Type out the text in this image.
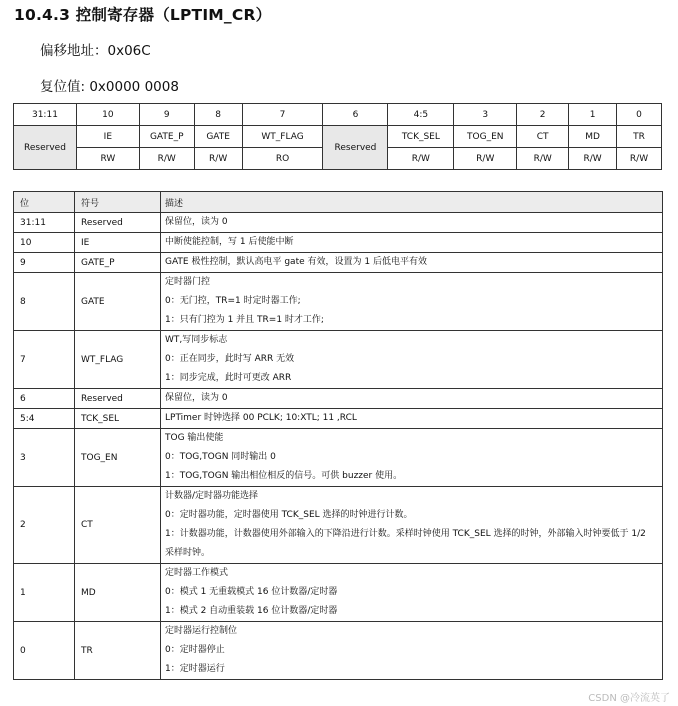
10.4.3 控制寄存器（LPTIM_CR）
偏移地址：0x06C
复位值: 0x0000 0008
31:11	10	9	8	7	6	4:5	3	2	1	0
Reserved	IE	GATE_P	GATE	WT_FLAG	Reserved	TCK_SEL	TOG_EN	CT	MD	TR
	RW	R/W	R/W	RO		R/W	R/W	R/W	R/W	R/W
位	符号	描述
31:11	Reserved	保留位，读为 0

10	IE	中断使能控制，写 1 后使能中断

9	GATE_P	GATE 极性控制，默认高电平 gate 有效，设置为 1 后低电平有效

8	GATE	定时器门控
0：无门控，TR=1 时定时器工作;
1：只有门控为 1 并且 TR=1 时才工作;

7	WT_FLAG	WT,写同步标志
0：正在同步，此时写 ARR 无效
1：同步完成，此时可更改 ARR

6	Reserved	保留位，读为 0

5:4	TCK_SEL	LPTimer 时钟选择 00 PCLK; 10:XTL; 11 ,RCL

3	TOG_EN	TOG 输出使能
0：TOG,TOGN 同时输出 0
1：TOG,TOGN 输出相位相反的信号。可供 buzzer 使用。

2	CT	计数器/定时器功能选择
0：定时器功能，定时器使用 TCK_SEL 选择的时钟进行计数。
1：计数器功能，计数器使用外部输入的下降沿进行计数。采样时钟使用 TCK_SEL 选择的时钟，外部输入时钟要低于 1/2 采样时钟。

1	MD	定时器工作模式
0：模式 1 无重载模式 16 位计数器/定时器
1：模式 2 自动重装载 16 位计数器/定时器

0	TR	定时器运行控制位
0：定时器停止
1：定时器运行
CSDN @冷流英了
